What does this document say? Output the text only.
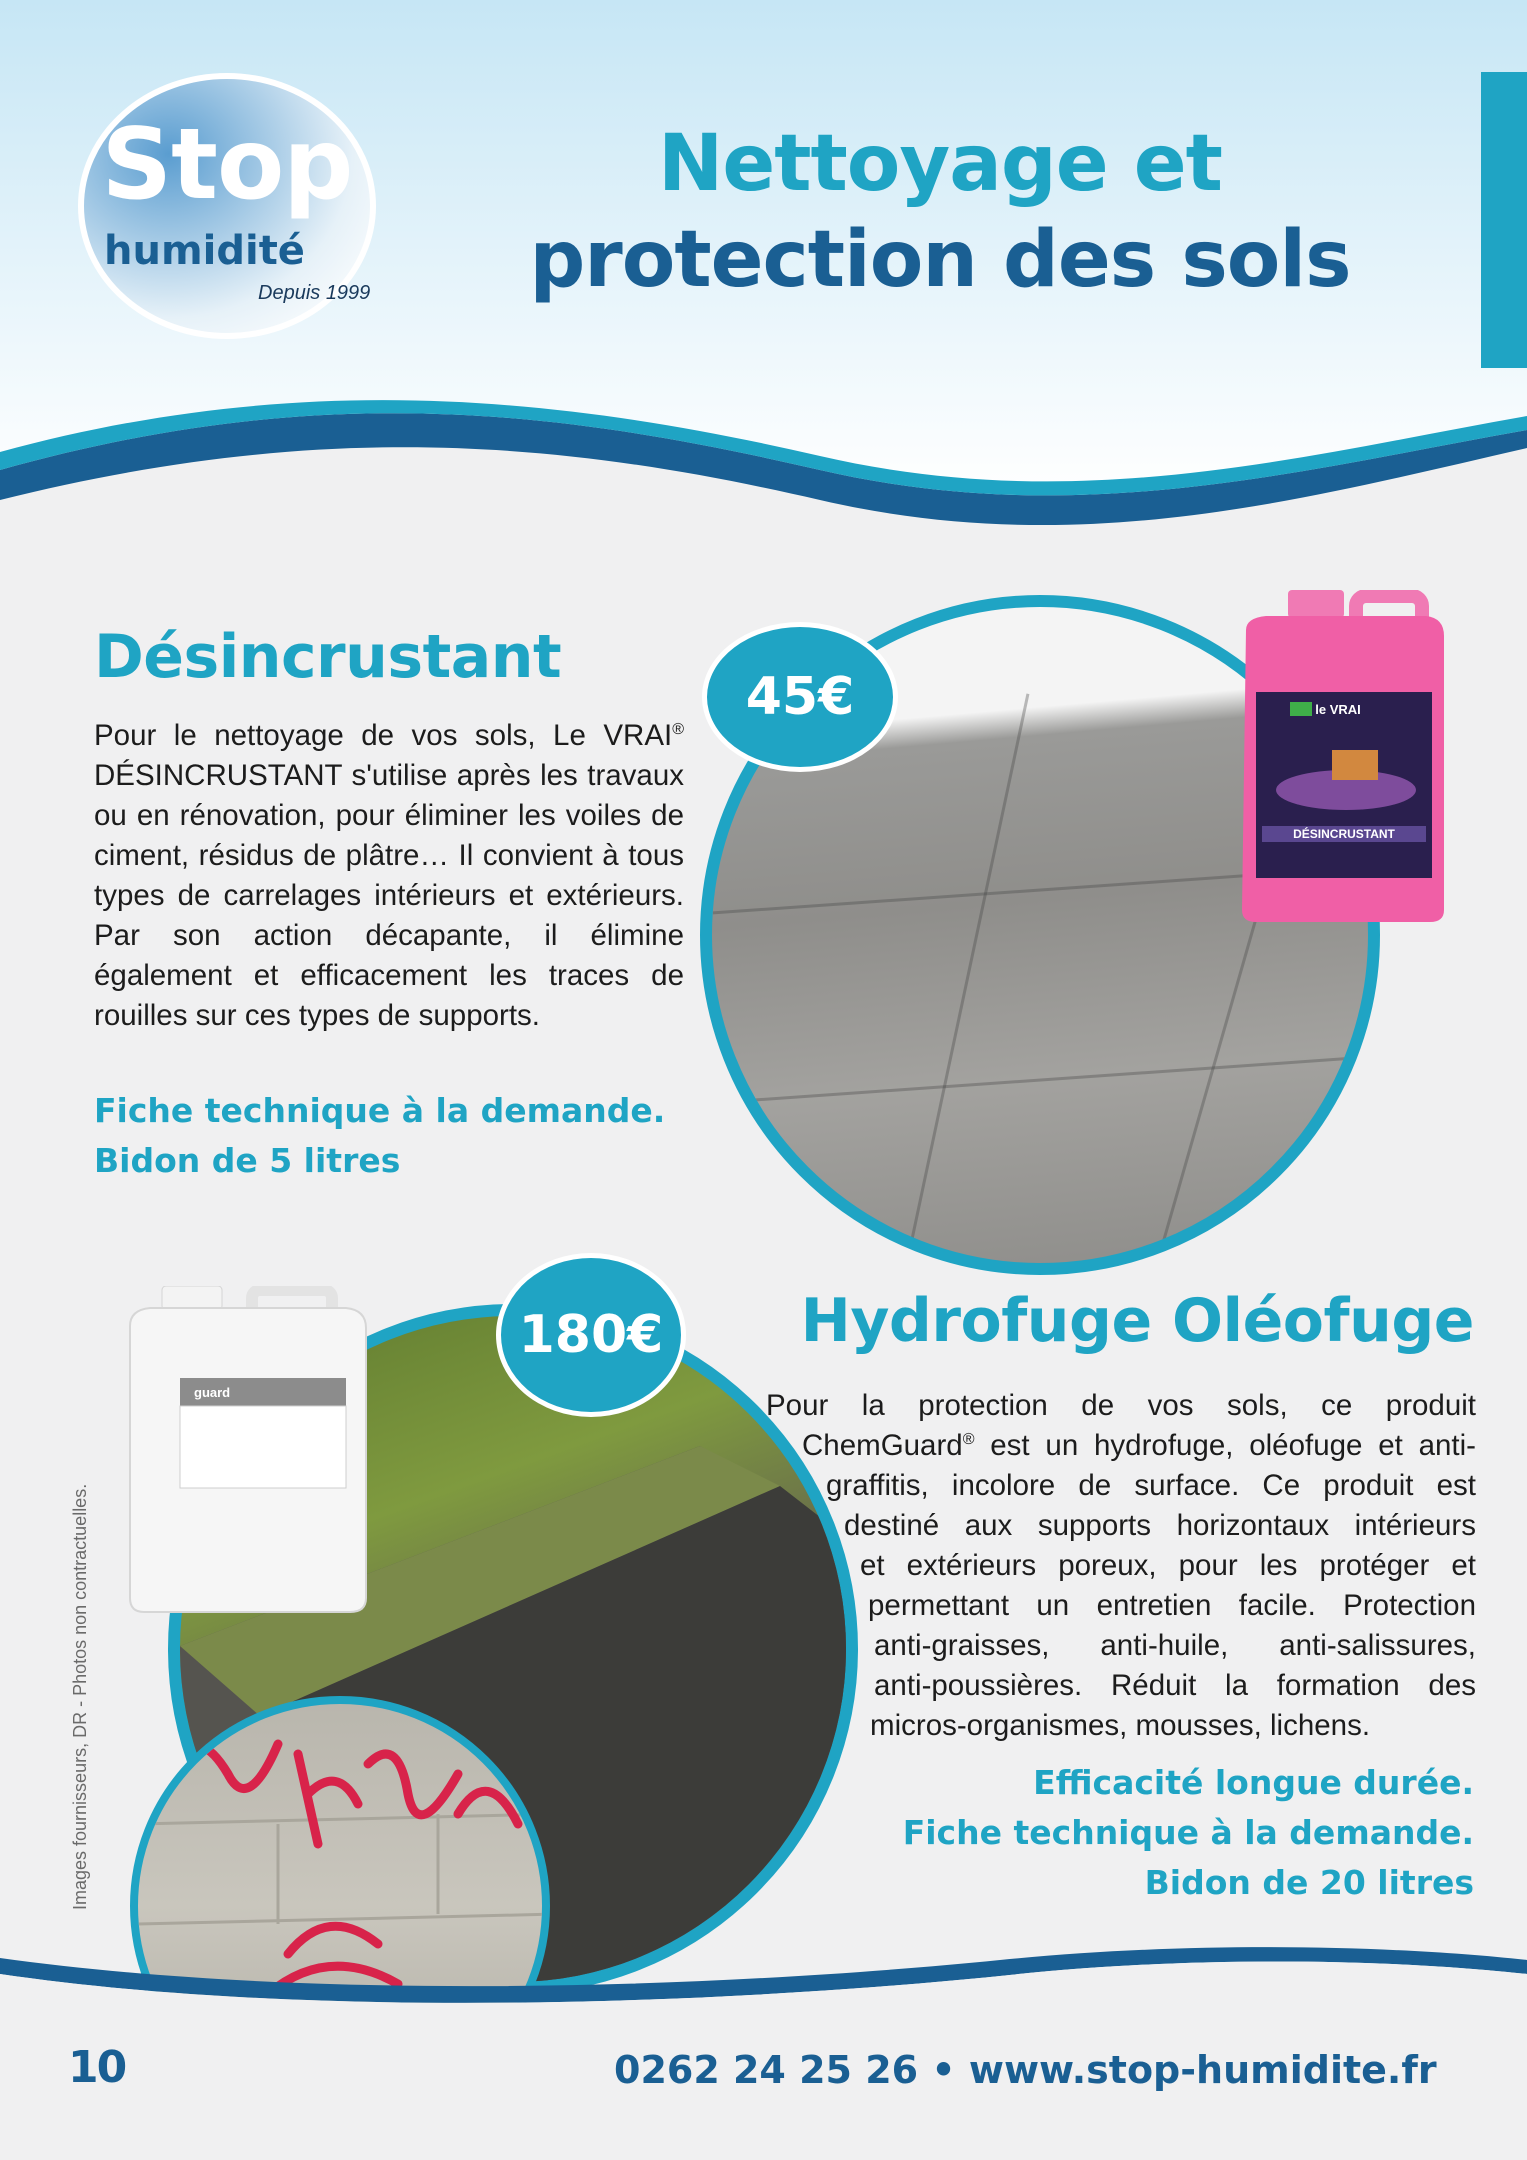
Stop
humidité
Depuis 1999
Nettoyage et
protection des sols
le VRAI
DÉSINCRUSTANT
Désincrustant
Pour le nettoyage de vos sols, Le VRAI® DÉSINCRUSTANT s'utilise après les travaux ou en rénovation, pour éliminer les voiles de ciment, résidus de plâtre… Il convient à tous types de carrelages intérieurs et extérieurs. Par son action décapante, il élimine également et efficacement les traces de rouilles sur ces types de supports.
Fiche technique à la demande.
Bidon de 5 litres
45€
guard
180€	Hydrofuge Oléofuge
Pour la protection de vos sols, ce produit
ChemGuard® est un hydrofuge, oléofuge et anti-
graffitis, incolore de surface. Ce produit est
destiné aux supports horizontaux intérieurs
et extérieurs poreux, pour les protéger et
permettant un entretien facile. Protection
anti-graisses, anti-huile, anti-salissures,
anti-poussières. Réduit la formation des
micros-organismes, mousses, lichens.
Efficacité longue durée.
Fiche technique à la demande.
Bidon de 20 litres
Images fournisseurs, DR - Photos non contractuelles.
10	0262 24 25 26 • www.stop-humidite.fr
